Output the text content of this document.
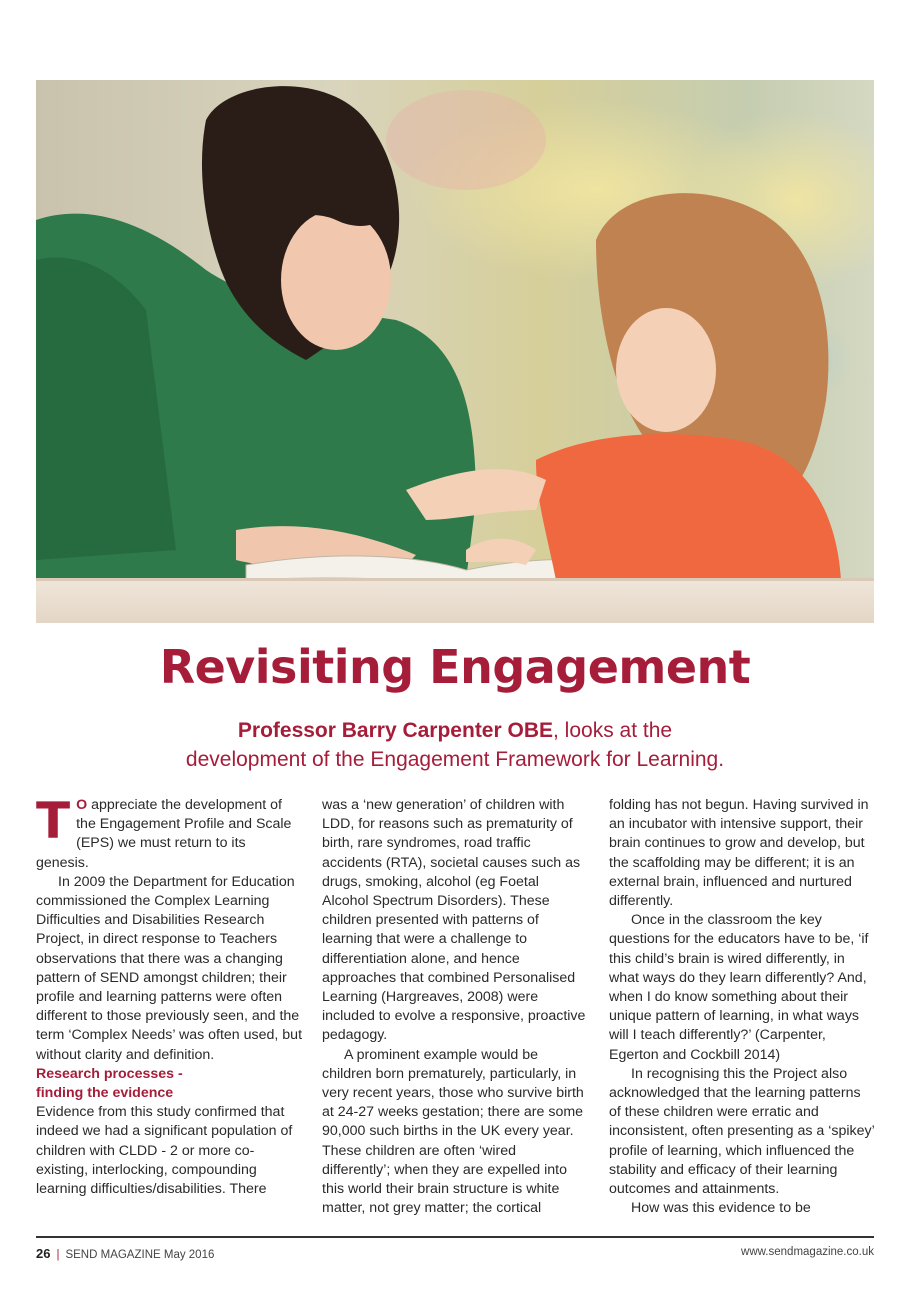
Revisiting Engagement

Professor Barry Carpenter OBE, looks at the
development of the Engagement Framework for Learning.

T O appreciate the development of the Engagement Profile and Scale (EPS) we must return to its genesis.

In 2009 the Department for Education commissioned the Complex Learning Difficulties and Disabilities Research Project, in direct response to Teachers observations that there was a changing pattern of SEND amongst children; their profile and learning patterns were often different to those previously seen, and the term ‘Complex Needs’ was often used, but without clarity and definition.

Research processes -
finding the evidence

Evidence from this study confirmed that indeed we had a significant population of children with CLDD - 2 or more co-existing, interlocking, compounding learning difficulties/disabilities. There

was a ‘new generation’ of children with LDD, for reasons such as prematurity of birth, rare syndromes, road traffic accidents (RTA), societal causes such as drugs, smoking, alcohol (eg Foetal Alcohol Spectrum Disorders). These children presented with patterns of learning that were a challenge to differentiation alone, and hence approaches that combined Personalised Learning (Hargreaves, 2008) were included to evolve a responsive, proactive pedagogy.

A prominent example would be children born prematurely, particularly, in very recent years, those who survive birth at 24-27 weeks gestation; there are some 90,000 such births in the UK every year. These children are often ‘wired differently’; when they are expelled into this world their brain structure is white matter, not grey matter; the cortical

folding has not begun. Having survived in an incubator with intensive support, their brain continues to grow and develop, but the scaffolding may be different; it is an external brain, influenced and nurtured differently.

Once in the classroom the key questions for the educators have to be, ‘if this child’s brain is wired differently, in what ways do they learn differently? And, when I do know something about their unique pattern of learning, in what ways will I teach differently?’ (Carpenter, Egerton and Cockbill 2014)

In recognising this the Project also acknowledged that the learning patterns of these children were erratic and inconsistent, often presenting as a ‘spikey’ profile of learning, which influenced the stability and efficacy of their learning outcomes and attainments.

How was this evidence to be

26 | SEND MAGAZINE May 2016	www.sendmagazine.co.uk
